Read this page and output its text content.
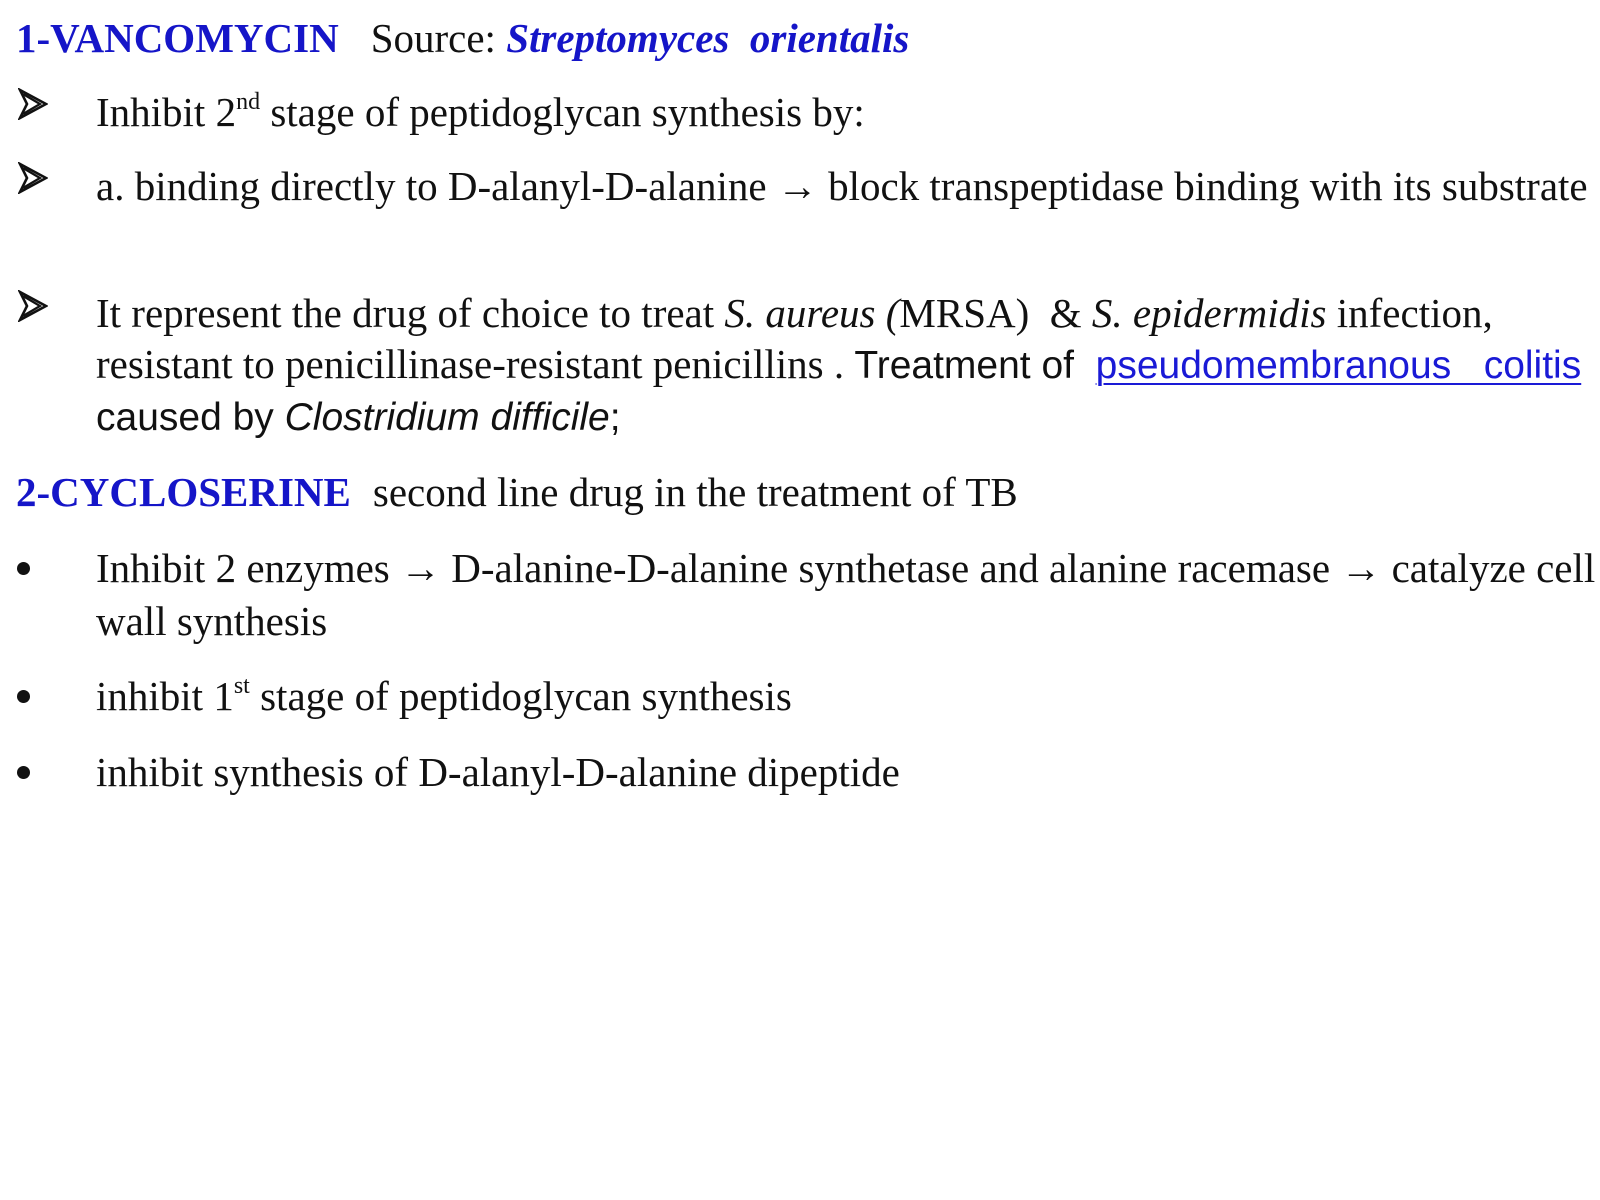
1-VANCOMYCIN Source: Streptomyces  orientalis
Inhibit 2nd stage of peptidoglycan synthesis by:
a. binding directly to D-alanyl-D-alanine → block transpeptidase binding with its substrate
It represent the drug of choice to treat S. aureus (MRSA)  & S. epidermidis infection, resistant to penicillinase-resistant penicillins . Treatment of  pseudomembranous   colitis caused by Clostridium difficile;
2-CYCLOSERINE second line drug in the treatment of TB
Inhibit 2 enzymes → D-alanine-D-alanine synthetase and alanine racemase → catalyze cell wall synthesis
inhibit 1st stage of peptidoglycan synthesis
inhibit synthesis of D-alanyl-D-alanine dipeptide
